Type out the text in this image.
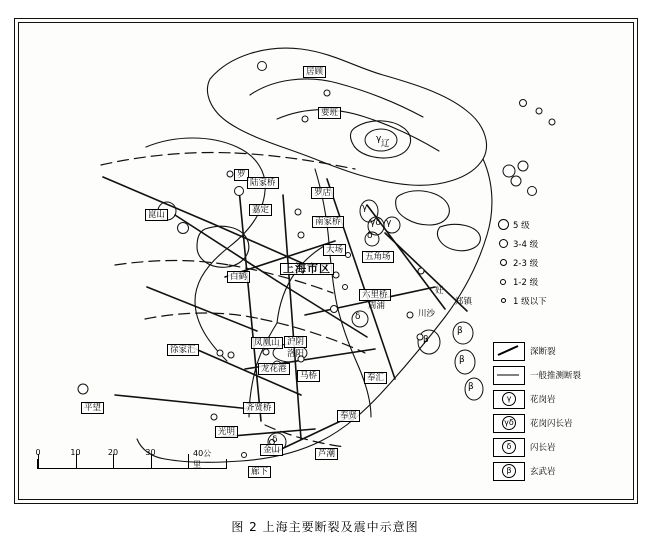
居顾
要班
辽
罗
陆家桥
罗店
嘉定
崑山
南家桥
大场
五角场
上海市区
白鹤
六里桥
周浦	郑镇
川沙
妊
徐家汇
凤凰山 沪阴
洛阳
龙花港
马桥	奉汇
齐贤桥
奉贤
平望
光明
金山	芦潮
廊下
γ
γ
γδ
δ
γ
δ
β
β
β
β
δ
5 级
3-4 级
2-3 级
1-2 级
1 级以下
深断裂
一般推测断裂
γ	花岗岩
γδ 花岗闪长岩
δ	闪长岩
β	玄武岩
0	10	20	30	40公里
图 2 上海主要断裂及震中示意图
